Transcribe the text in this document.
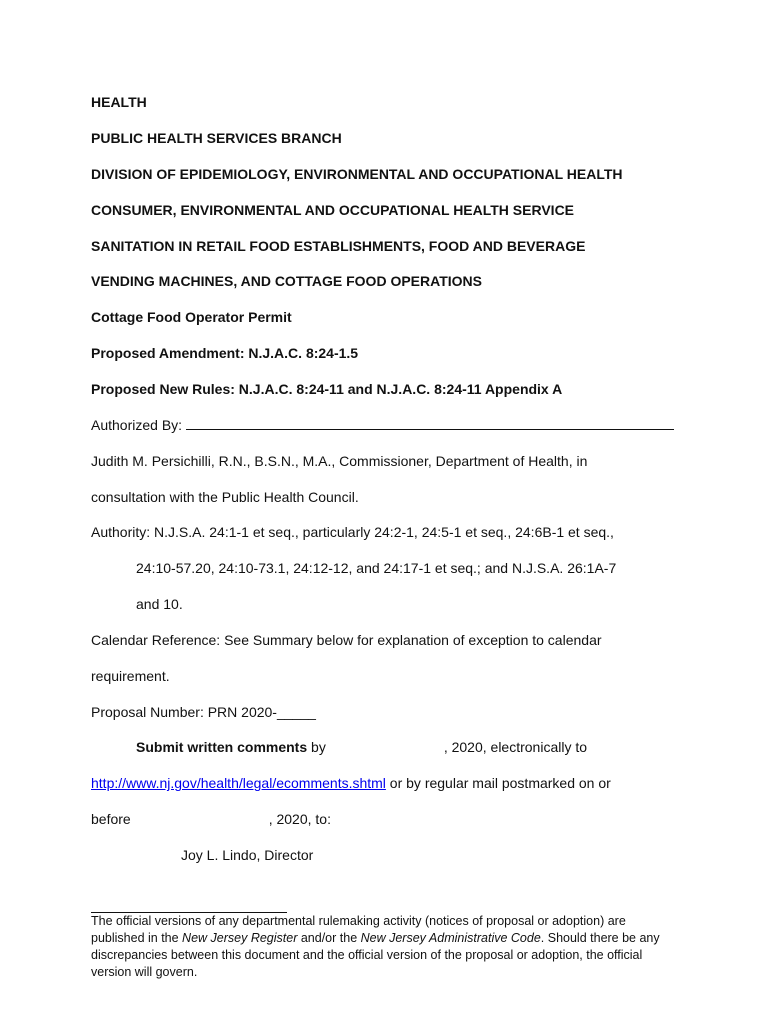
HEALTH

PUBLIC HEALTH SERVICES BRANCH

DIVISION OF EPIDEMIOLOGY, ENVIRONMENTAL AND OCCUPATIONAL HEALTH

CONSUMER, ENVIRONMENTAL AND OCCUPATIONAL HEALTH SERVICE

SANITATION IN RETAIL FOOD ESTABLISHMENTS, FOOD AND BEVERAGE

VENDING MACHINES, AND COTTAGE FOOD OPERATIONS

Cottage Food Operator Permit

Proposed Amendment: N.J.A.C. 8:24-1.5

Proposed New Rules: N.J.A.C. 8:24-11 and N.J.A.C. 8:24-11 Appendix A

Authorized By:

Judith M. Persichilli, R.N., B.S.N., M.A., Commissioner, Department of Health, in

consultation with the Public Health Council.

Authority: N.J.S.A. 24:1-1 et seq., particularly 24:2-1, 24:5-1 et seq., 24:6B-1 et seq.,

24:10-57.20, 24:10-73.1, 24:12-12, and 24:17-1 et seq.; and N.J.S.A. 26:1A-7

and 10.

Calendar Reference: See Summary below for explanation of exception to calendar

requirement.

Proposal Number: PRN 2020-_____

Submit written comments by	, 2020, electronically to

http://www.nj.gov/health/legal/ecomments.shtml or by regular mail postmarked on or

before	, 2020, to:

Joy L. Lindo, Director

The official versions of any departmental rulemaking activity (notices of proposal or adoption) are published in the New Jersey Register and/or the New Jersey Administrative Code. Should there be any discrepancies between this document and the official version of the proposal or adoption, the official version will govern.
